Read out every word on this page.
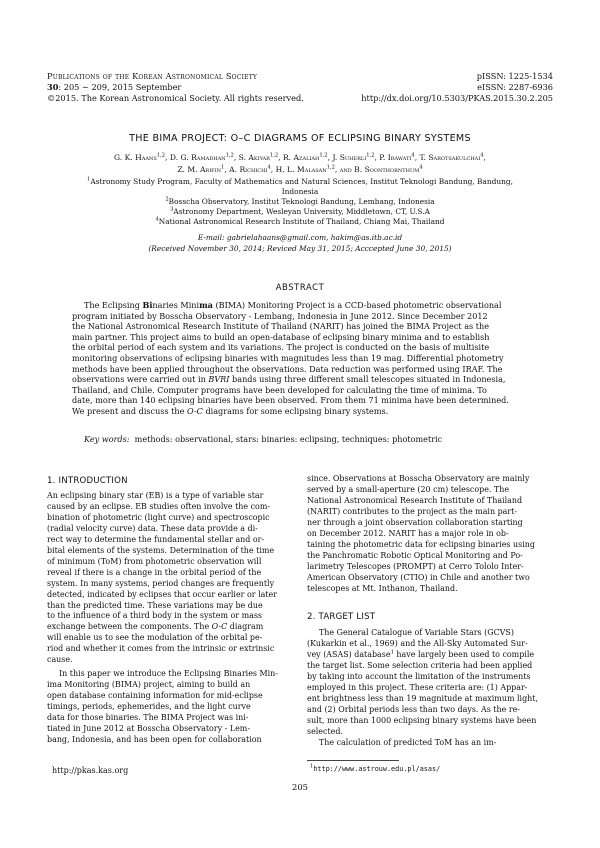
Publications of the Korean Astronomical Society
30: 205 ∼ 209, 2015 September
©2015. The Korean Astronomical Society. All rights reserved.
pISSN: 1225-1534
eISSN: 2287-6936
http://dx.doi.org/10.5303/PKAS.2015.30.2.205
THE BIMA PROJECT: O–C DIAGRAMS OF ECLIPSING BINARY SYSTEMS
G. K. Haans$^{1,2}$, D. G. Ramadhan$^{1,2}$, S. Akiyar$^{1,2}$, R. Azaliah$^{1,2}$, J. Suherli$^{1,2}$, P. Irawati$^4$, T. Sarotsakulchai$^4$,
Z. M. Arifin$^1$, A. Richichi$^4$, H. L. Malasan$^{1,2}$, and B. Soonthornthum$^4$
$^1$Astronomy Study Program, Faculty of Mathematics and Natural Sciences, Institut Teknologi Bandung, Bandung,
Indonesia
$^2$Bosscha Observatory, Institut Teknologi Bandung, Lembang, Indonesia
$^3$Astronomy Department, Wesleyan University, Middletown, CT, U.S.A
$^4$National Astronomical Research Institute of Thailand, Chiang Mai, Thailand
E-mail: gabrielahaans@gmail.com, hakim@as.itb.ac.id
(Received November 30, 2014; Reviced May 31, 2015; Acccepted June 30, 2015)
ABSTRACT
The Eclipsing Binaries Minima (BIMA) Monitoring Project is a CCD-based photometric observational
program initiated by Bosscha Observatory - Lembang, Indonesia in June 2012. Since December 2012
the National Astronomical Research Institute of Thailand (NARIT) has joined the BIMA Project as the
main partner. This project aims to build an open-database of eclipsing binary minima and to establish
the orbital period of each system and its variations. The project is conducted on the basis of multisite
monitoring observations of eclipsing binaries with magnitudes less than 19 mag. Differential photometry
methods have been applied throughout the observations. Data reduction was performed using IRAF. The
observations were carried out in BVRI bands using three different small telescopes situated in Indonesia,
Thailand, and Chile. Computer programs have been developed for calculating the time of minima. To
date, more than 140 eclipsing binaries have been observed. From them 71 minima have been determined.
We present and discuss the O-C diagrams for some eclipsing binary systems.
Key words: methods: observational, stars: binaries: eclipsing, techniques: photometric
1. INTRODUCTION
An eclipsing binary star (EB) is a type of variable star
caused by an eclipse. EB studies often involve the com-
bination of photometric (light curve) and spectroscopic
(radial velocity curve) data. These data provide a di-
rect way to determine the fundamental stellar and or-
bital elements of the systems. Determination of the time
of minimum (ToM) from photometric observation will
reveal if there is a change in the orbital period of the
system. In many systems, period changes are frequently
detected, indicated by eclipses that occur earlier or later
than the predicted time. These variations may be due
to the influence of a third body in the system or mass
exchange between the components. The O-C diagram
will enable us to see the modulation of the orbital pe-
riod and whether it comes from the intrinsic or extrinsic
cause.
In this paper we introduce the Eclipsing Binaries Min-
ima Monitoring (BIMA) project, aiming to build an
open database containing information for mid-eclipse
timings, periods, ephemerides, and the light curve
data for those binaries. The BIMA Project was ini-
tiated in June 2012 at Bosscha Observatory - Lem-
bang, Indonesia, and has been open for collaboration
since. Observations at Bosscha Observatory are mainly
served by a small-aperture (20 cm) telescope. The
National Astronomical Research Institute of Thailand
(NARIT) contributes to the project as the main part-
ner through a joint observation collaboration starting
on December 2012. NARIT has a major role in ob-
taining the photometric data for eclipsing binaries using
the Panchromatic Robotic Optical Monitoring and Po-
larimetry Telescopes (PROMPT) at Cerro Tololo Inter-
American Observatory (CTIO) in Chile and another two
telescopes at Mt. Inthanon, Thailand.
2. TARGET LIST
The General Catalogue of Variable Stars (GCVS)
(Kukarkin et al., 1969) and the All-Sky Automated Sur-
vey (ASAS) database$^1$ have largely been used to compile
the target list. Some selection criteria had been applied
by taking into account the limitation of the instruments
employed in this project. These criteria are: (1) Appar-
ent brightness less than 19 magnitude at maximum light,
and (2) Orbital periods less than two days. As the re-
sult, more than 1000 eclipsing binary systems have been
selected.
The calculation of predicted ToM has an im-
$^1$http://www.astrouw.edu.pl/asas/
http://pkas.kas.org
205
